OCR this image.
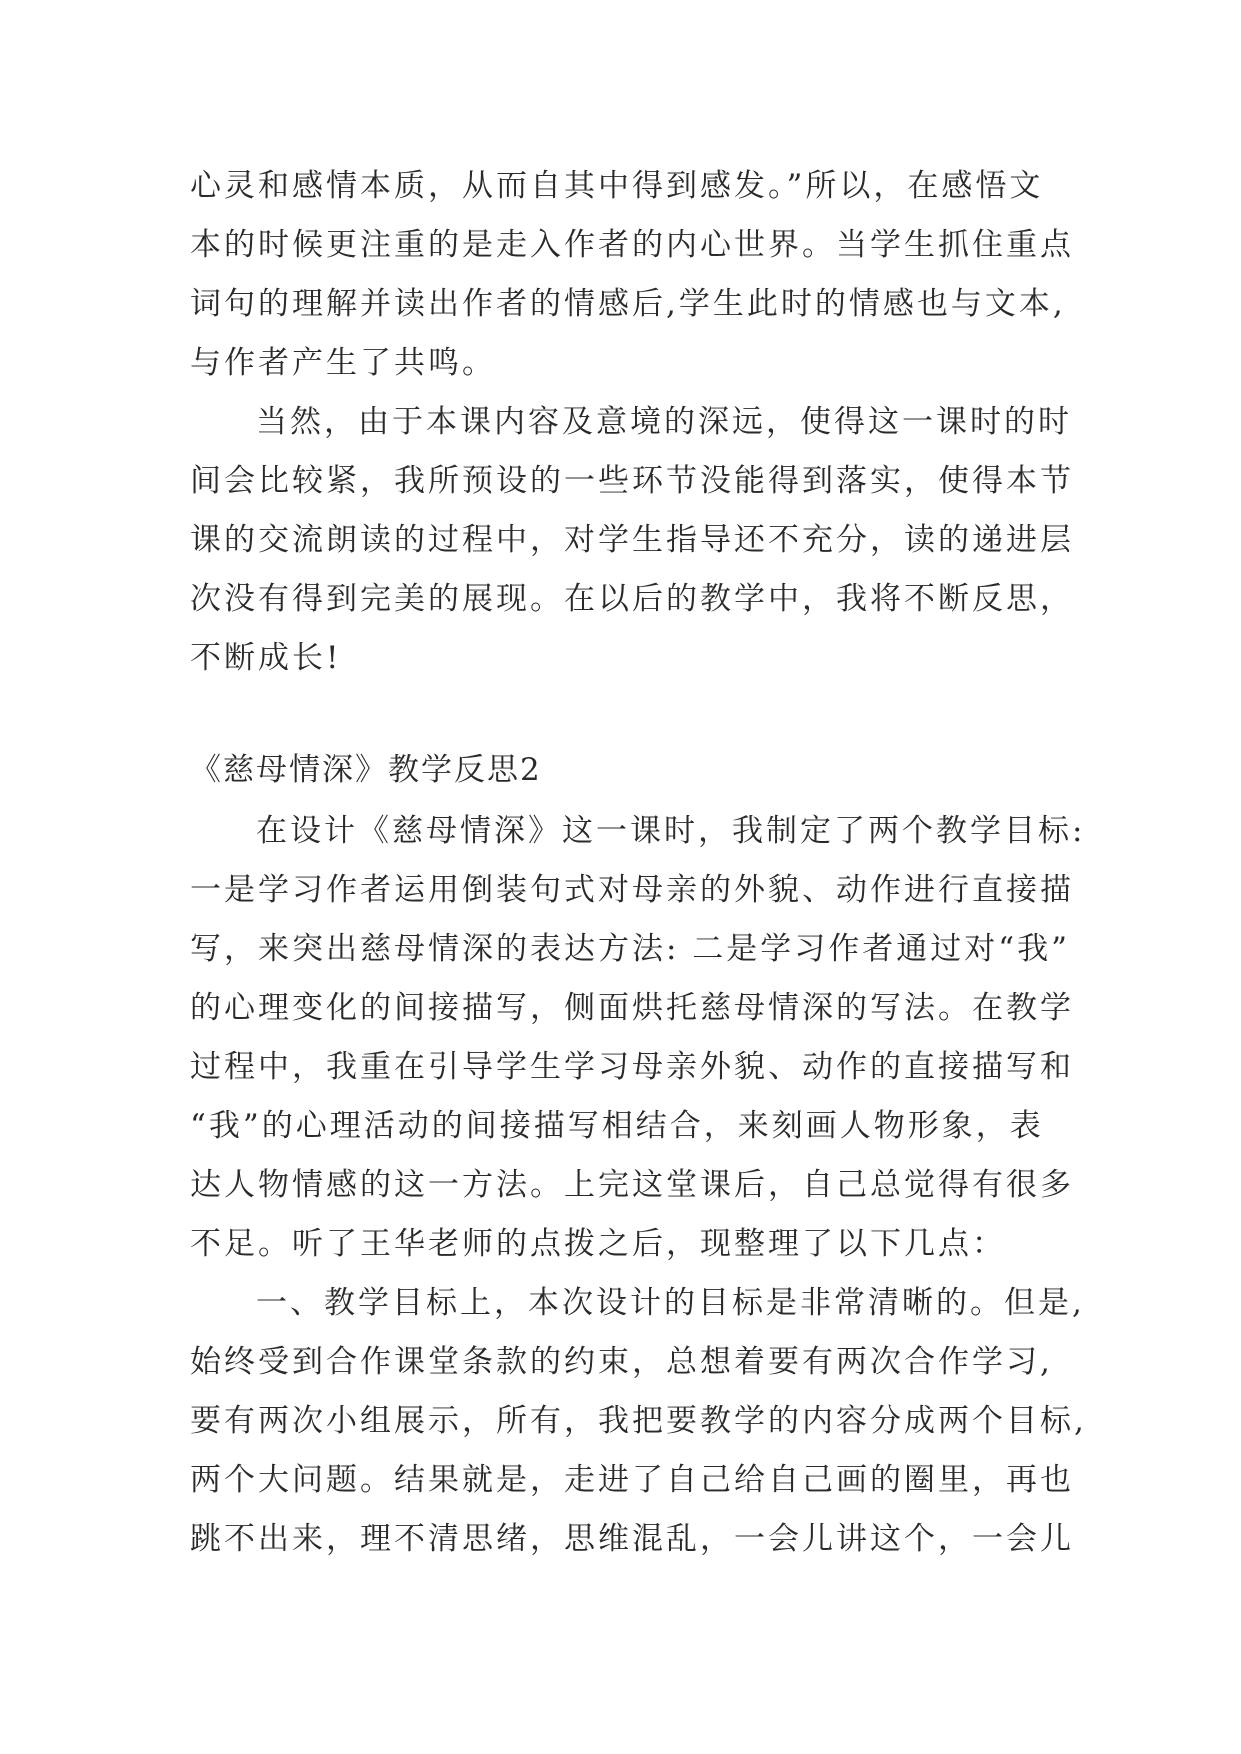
心灵和感情本质，从而自其中得到感发。”所以，在感悟文
本的时候更注重的是走入作者的内心世界。当学生抓住重点
词句的理解并读出作者的情感后,学生此时的情感也与文本,
与作者产生了共鸣。
当然，由于本课内容及意境的深远，使得这一课时的时
间会比较紧，我所预设的一些环节没能得到落实，使得本节
课的交流朗读的过程中，对学生指导还不充分，读的递进层
次没有得到完美的展现。在以后的教学中，我将不断反思，
不断成长!
《慈母情深》教学反思2
在设计《慈母情深》这一课时，我制定了两个教学目标:
一是学习作者运用倒装句式对母亲的外貌、动作进行直接描
写，来突出慈母情深的表达方法: 二是学习作者通过对“我”
的心理变化的间接描写，侧面烘托慈母情深的写法。在教学
过程中，我重在引导学生学习母亲外貌、动作的直接描写和
“我”的心理活动的间接描写相结合，来刻画人物形象，表
达人物情感的这一方法。上完这堂课后，自己总觉得有很多
不足。听了王华老师的点拨之后，现整理了以下几点：
一、教学目标上，本次设计的目标是非常清晰的。但是,
始终受到合作课堂条款的约束，总想着要有两次合作学习,
要有两次小组展示，所有，我把要教学的内容分成两个目标,
两个大问题。结果就是，走进了自己给自己画的圈里，再也
跳不出来，理不清思绪，思维混乱，一会儿讲这个，一会儿
